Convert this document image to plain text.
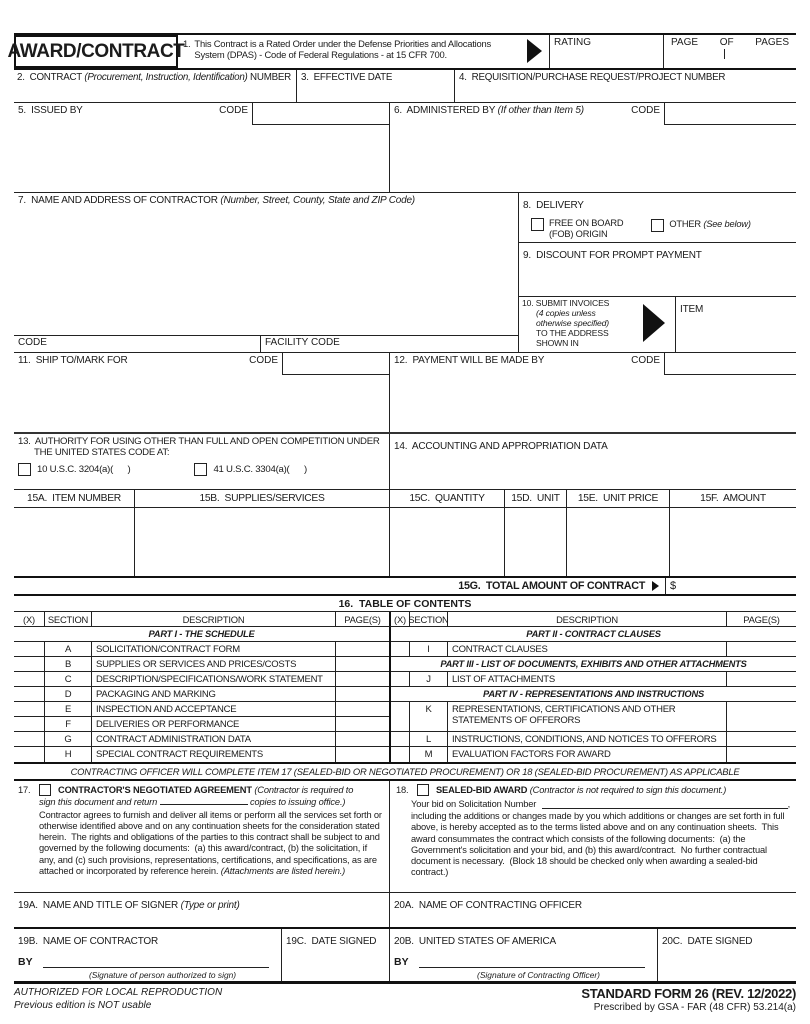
AWARD/CONTRACT
1. This Contract is a Rated Order under the Defense Priorities and Allocations
System (DPAS) - Code of Federal Regulations - at 15 CFR 700.
RATING	PAGE OF PAGES
2.  CONTRACT (Procurement, Instruction, Identification) NUMBER	3.  EFFECTIVE DATE	4.  REQUISITION/PURCHASE REQUEST/PROJECT NUMBER
5.  ISSUED BY	CODE	6.  ADMINISTERED BY (If other than Item 5)	CODE
7.  NAME AND ADDRESS OF CONTRACTOR (Number, Street, County, State and ZIP Code)
CODE	FACILITY CODE
8.  DELIVERY
FREE ON BOARD
(FOB) ORIGIN
OTHER (See below)
9.  DISCOUNT FOR PROMPT PAYMENT
10. SUBMIT INVOICES
(4 copies unless
otherwise specified)
TO THE ADDRESS
SHOWN IN
ITEM
11.  SHIP TO/MARK FOR	CODE	12.  PAYMENT WILL BE MADE BY	CODE
13.  AUTHORITY FOR USING OTHER THAN FULL AND OPEN COMPETITION UNDER
THE UNITED STATES CODE AT:
10 U.S.C. 3204(a)(      )	41 U.S.C. 3304(a)(      )
14.  ACCOUNTING AND APPROPRIATION DATA
15A.  ITEM NUMBER	15B.  SUPPLIES/SERVICES	15C.  QUANTITY	15D.  UNIT 15E.  UNIT PRICE	15F.  AMOUNT
15G.  TOTAL AMOUNT OF CONTRACT $
16.  TABLE OF CONTENTS
(X) SECTION	DESCRIPTION	PAGE(S) (X) SECTION	DESCRIPTION	PAGE(S)
PART I - THE SCHEDULE
A	SOLICITATION/CONTRACT FORM
B	SUPPLIES OR SERVICES AND PRICES/COSTS
C	DESCRIPTION/SPECIFICATIONS/WORK STATEMENT
D	PACKAGING AND MARKING
E	INSPECTION AND ACCEPTANCE
F	DELIVERIES OR PERFORMANCE
G	CONTRACT ADMINISTRATION DATA
H	SPECIAL CONTRACT REQUIREMENTS
PART II - CONTRACT CLAUSES
I CONTRACT CLAUSES
PART III - LIST OF DOCUMENTS, EXHIBITS AND OTHER ATTACHMENTS
J LIST OF ATTACHMENTS
PART IV - REPRESENTATIONS AND INSTRUCTIONS
K REPRESENTATIONS, CERTIFICATIONS AND OTHER STATEMENTS OF OFFERORS
L INSTRUCTIONS, CONDITIONS, AND NOTICES TO OFFERORS
M EVALUATION FACTORS FOR AWARD
CONTRACTING OFFICER WILL COMPLETE ITEM 17 (SEALED-BID OR NEGOTIATED PROCUREMENT) OR 18 (SEALED-BID PROCUREMENT) AS APPLICABLE
17.	CONTRACTOR'S NEGOTIATED AGREEMENT (Contractor is required to
sign this document and return	copies to issuing office.)
Contractor agrees to furnish and deliver all items or perform all the services set forth or otherwise identified above and on any continuation sheets for the consideration stated herein.  The rights and obligations of the parties to this contract shall be subject to and governed by the following documents:  (a) this award/contract, (b) the solicitation, if any, and (c) such provisions, representations, certifications, and specifications, as are attached or incorporated by reference herein. (Attachments are listed herein.)
18.	SEALED-BID AWARD (Contractor is not required to sign this document.)
Your bid on Solicitation Number	,
including the additions or changes made by you which additions or changes are set forth in full above, is hereby accepted as to the terms listed above and on any continuation sheets.  This award consummates the contract which consists of the following documents:  (a) the Government's solicitation and your bid, and (b) this award/contract.  No further contractual document is necessary.  (Block 18 should be checked only when awarding a sealed-bid contract.)
19A.  NAME AND TITLE OF SIGNER (Type or print)	20A.  NAME OF CONTRACTING OFFICER
19B.  NAME OF CONTRACTOR
BY
(Signature of person authorized to sign)
19C.  DATE SIGNED	20B.  UNITED STATES OF AMERICA
BY
(Signature of Contracting Officer)
20C.  DATE SIGNED
AUTHORIZED FOR LOCAL REPRODUCTION
Previous edition is NOT usable
STANDARD FORM 26 (REV. 12/2022)
Prescribed by GSA - FAR (48 CFR) 53.214(a)
